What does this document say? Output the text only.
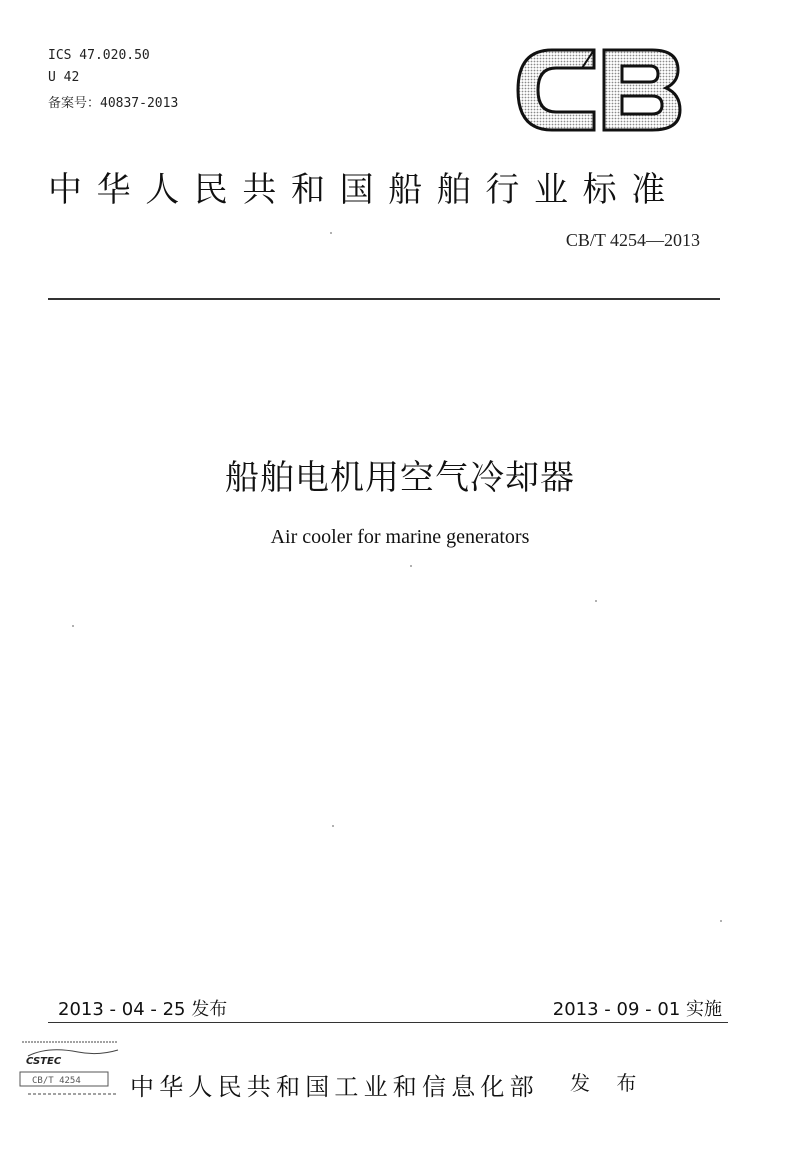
ICS 47.020.50
U 42
备案号：40837-2013
中华人民共和国船舶行业标准
CB/T 4254—2013
船舶电机用空气冷却器
Air cooler for marine generators
2013 - 04 - 25 发布	2013 - 09 - 01 实施
CSTEC
CB/T 4254 中华人民共和国工业和信息化部 发 布
